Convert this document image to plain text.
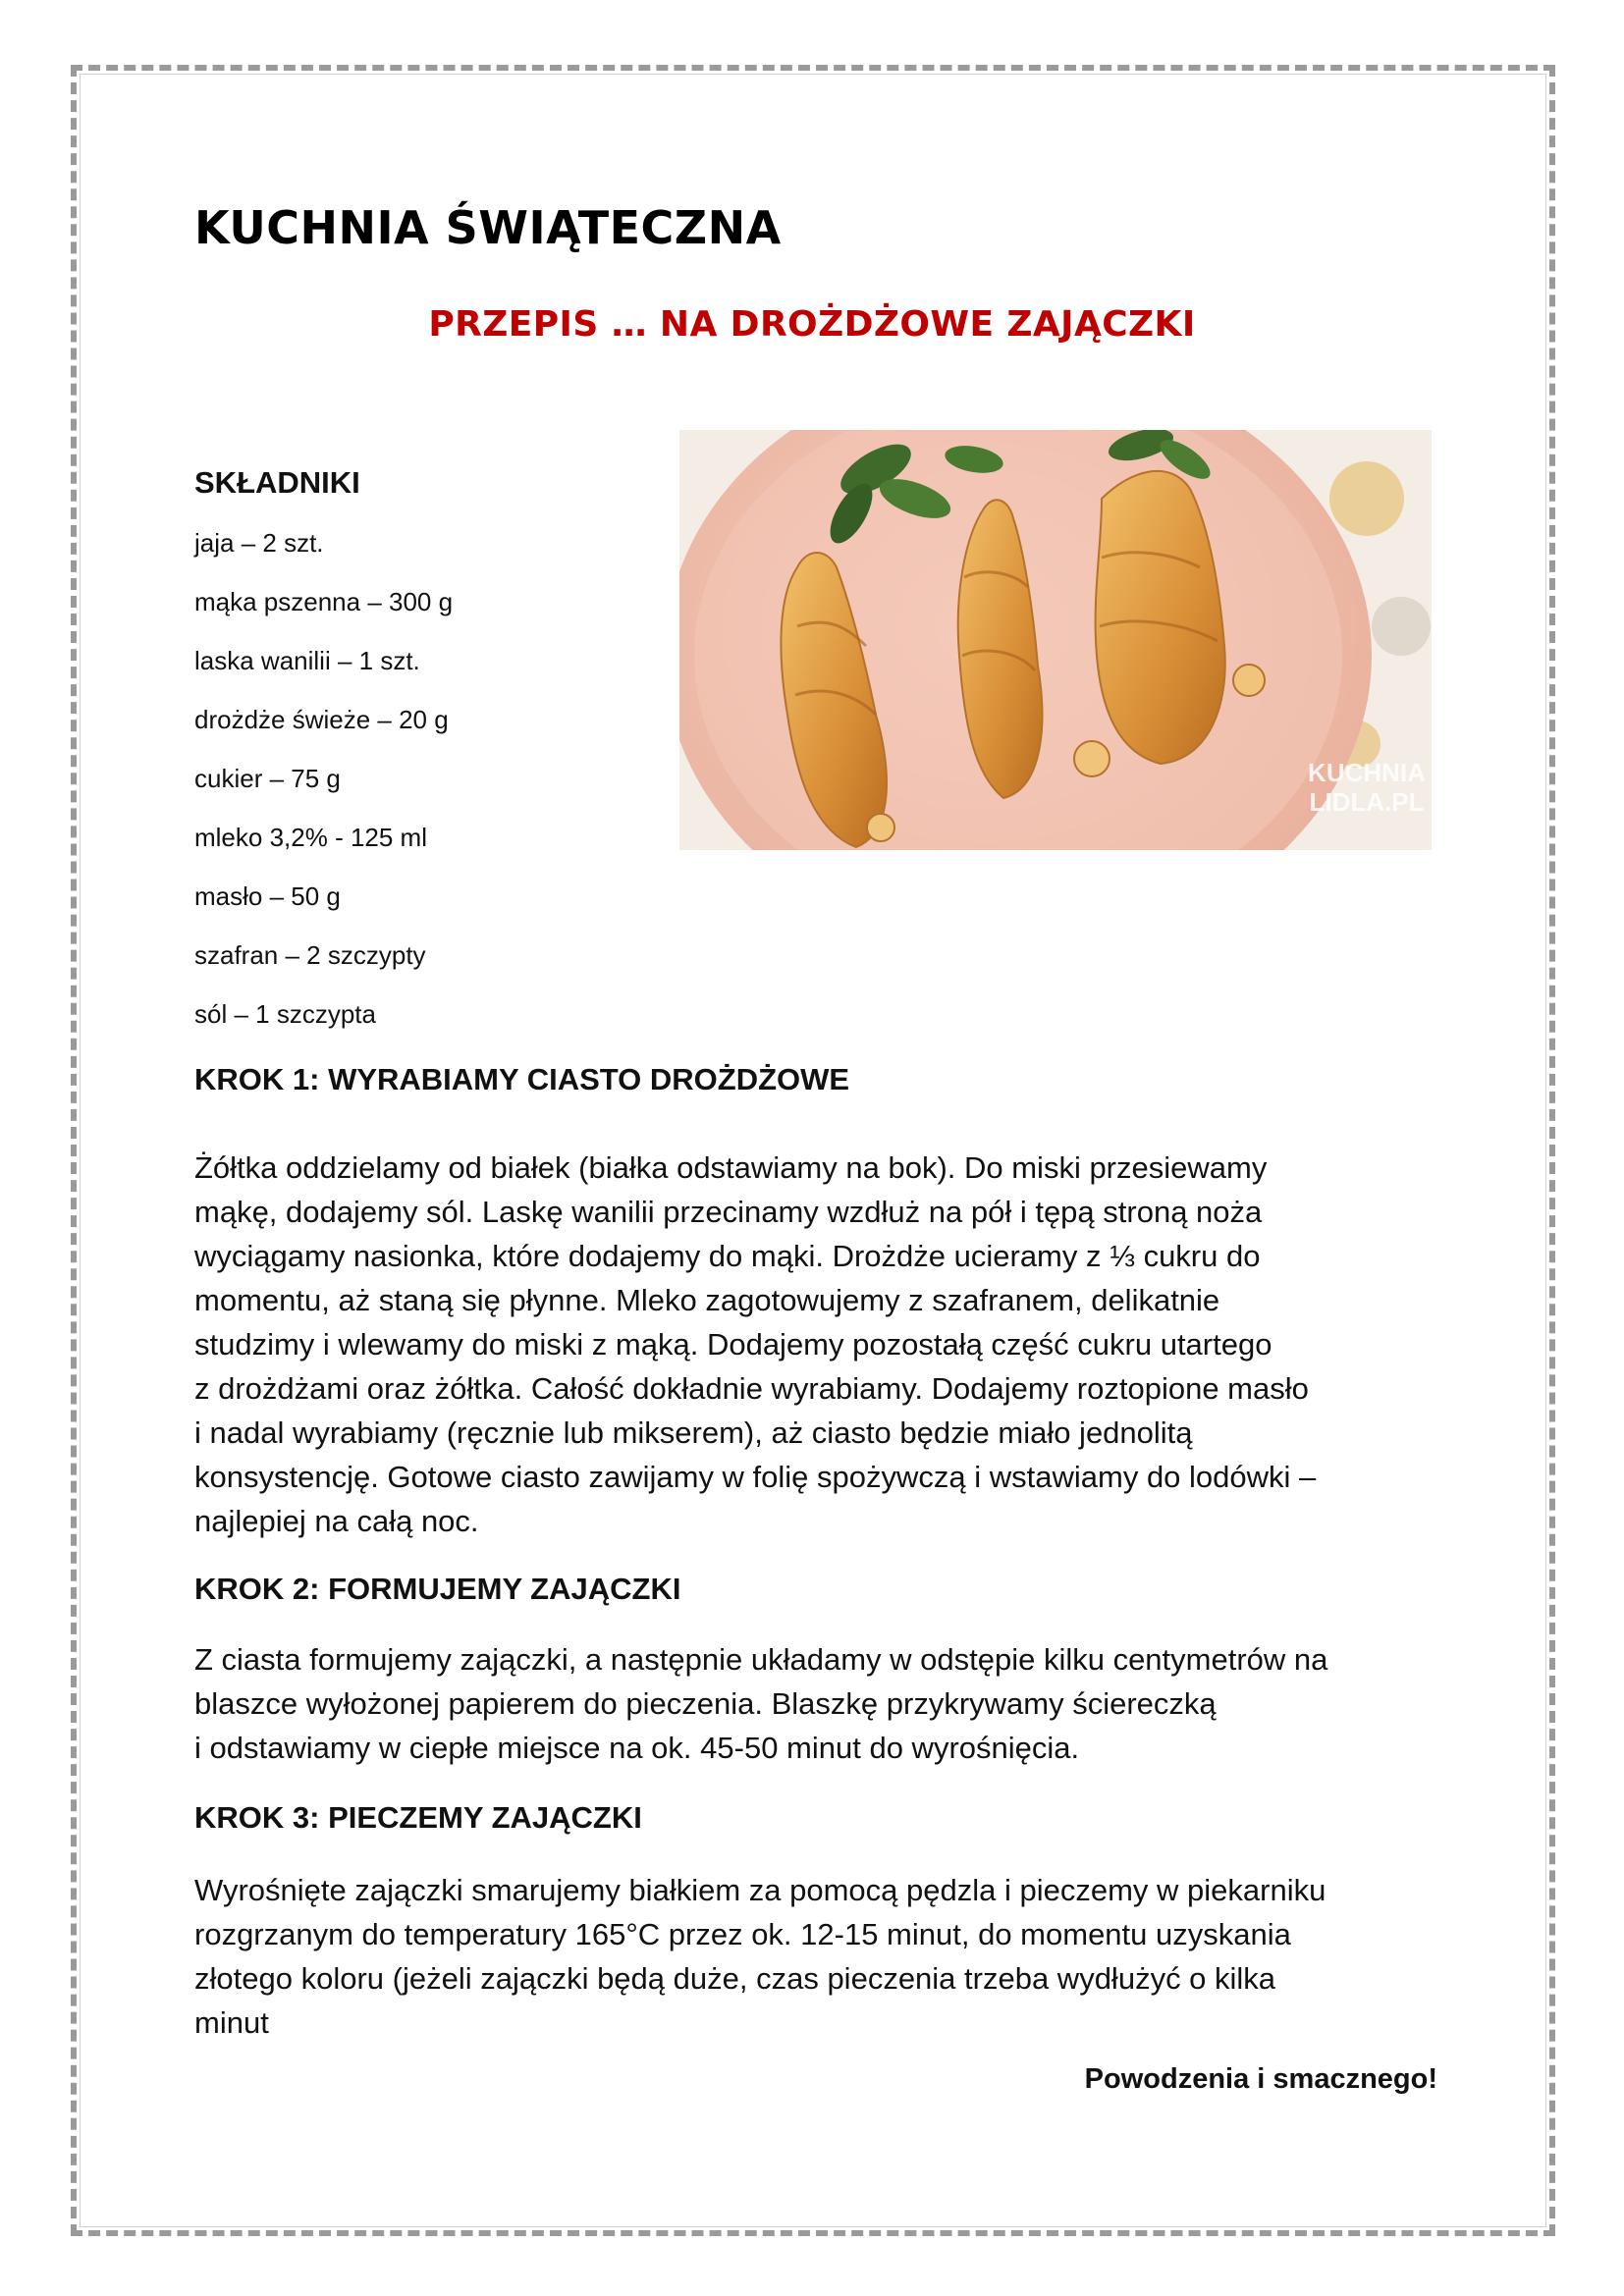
KUCHNIA ŚWIĄTECZNA
PRZEPIS … NA DROŻDŻOWE ZAJĄCZKI
SKŁADNIKI
jaja – 2 szt.
mąka pszenna – 300 g
laska wanilii – 1 szt.
drożdże świeże – 20 g
cukier – 75 g
mleko 3,2% - 125 ml
masło – 50 g
szafran – 2 szczypty
sól – 1 szczypta
KUCHNIA
LIDLA.PL
KROK 1: WYRABIAMY CIASTO DROŻDŻOWE

Żółtka oddzielamy od białek (białka odstawiamy na bok). Do miski przesiewamy
mąkę, dodajemy sól. Laskę wanilii przecinamy wzdłuż na pół i tępą stroną noża
wyciągamy nasionka, które dodajemy do mąki. Drożdże ucieramy z ⅓ cukru do
momentu, aż staną się płynne. Mleko zagotowujemy z szafranem, delikatnie
studzimy i wlewamy do miski z mąką. Dodajemy pozostałą część cukru utartego
z drożdżami oraz żółtka. Całość dokładnie wyrabiamy. Dodajemy roztopione masło
i nadal wyrabiamy (ręcznie lub mikserem), aż ciasto będzie miało jednolitą
konsystencję. Gotowe ciasto zawijamy w folię spożywczą i wstawiamy do lodówki –
najlepiej na całą noc.

KROK 2: FORMUJEMY ZAJĄCZKI

Z ciasta formujemy zajączki, a następnie układamy w odstępie kilku centymetrów na
blaszce wyłożonej papierem do pieczenia. Blaszkę przykrywamy ściereczką
i odstawiamy w ciepłe miejsce na ok. 45-50 minut do wyrośnięcia.

KROK 3: PIECZEMY ZAJĄCZKI

Wyrośnięte zajączki smarujemy białkiem za pomocą pędzla i pieczemy w piekarniku
rozgrzanym do temperatury 165°C przez ok. 12-15 minut, do momentu uzyskania
złotego koloru (jeżeli zajączki będą duże, czas pieczenia trzeba wydłużyć o kilka
minut

Powodzenia i smacznego!
